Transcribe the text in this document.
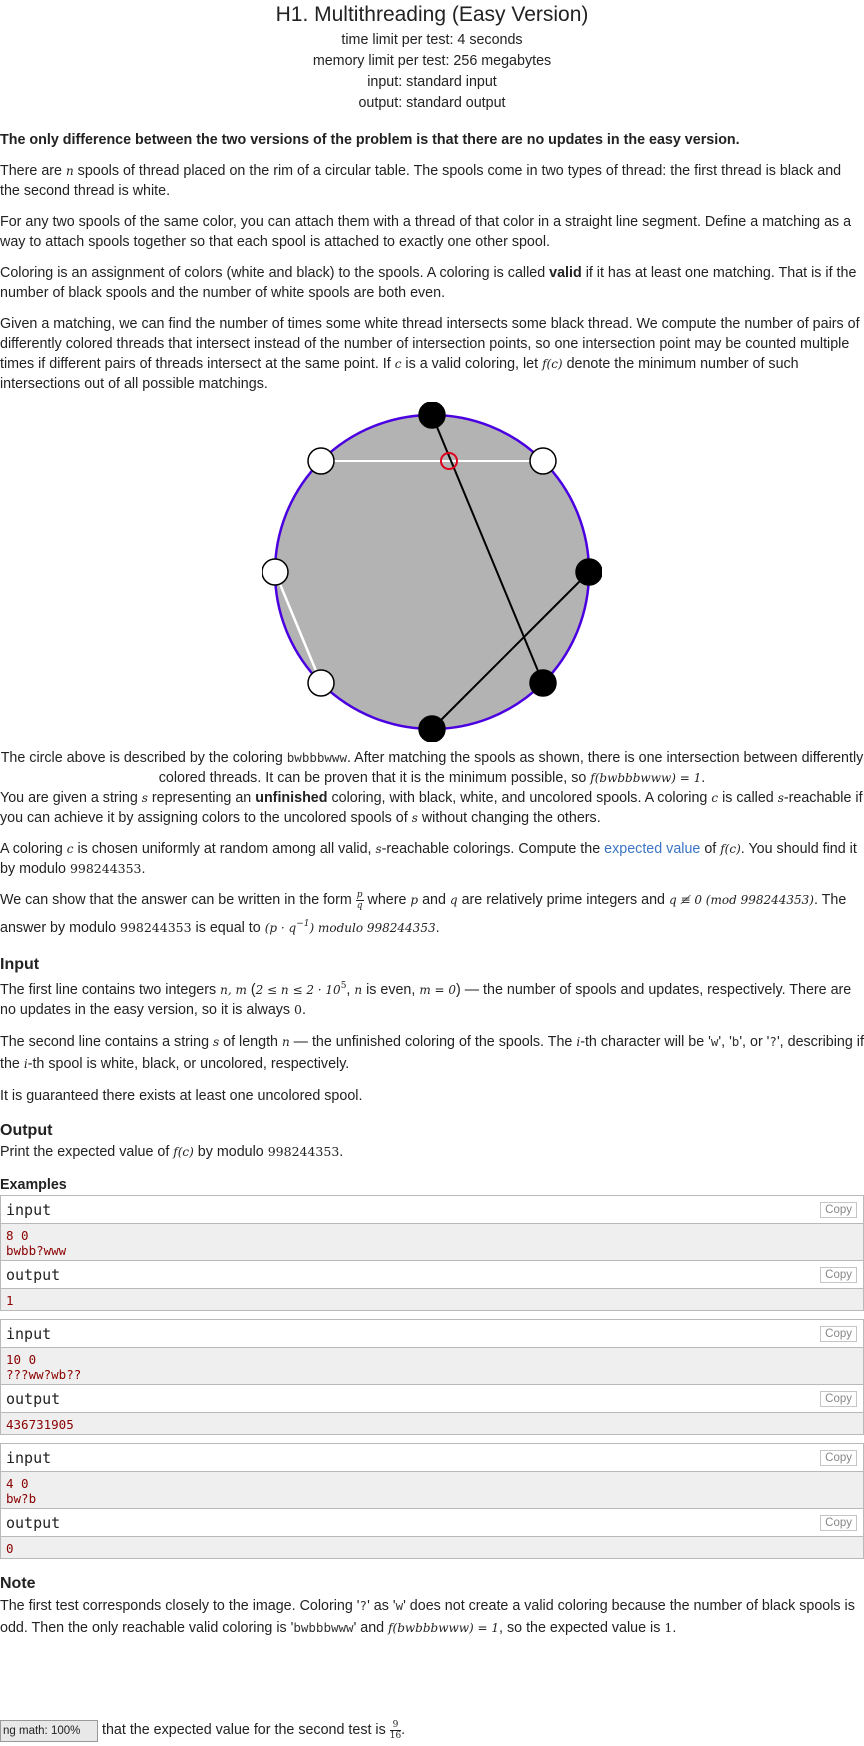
H1. Multithreading (Easy Version)
time limit per test: 4 seconds
memory limit per test: 256 megabytes
input: standard input
output: standard output

The only difference between the two versions of the problem is that there are no updates in the easy version.

There are n spools of thread placed on the rim of a circular table. The spools come in two types of thread: the first thread is black and the second thread is white.

For any two spools of the same color, you can attach them with a thread of that color in a straight line segment. Define a matching as a way to attach spools together so that each spool is attached to exactly one other spool.

Coloring is an assignment of colors (white and black) to the spools. A coloring is called valid if it has at least one matching. That is if the number of black spools and the number of white spools are both even.

Given a matching, we can find the number of times some white thread intersects some black thread. We compute the number of pairs of differently colored threads that intersect instead of the number of intersection points, so one intersection point may be counted multiple times if different pairs of threads intersect at the same point. If c is a valid coloring, let f(c) denote the minimum number of such intersections out of all possible matchings.

The circle above is described by the coloring bwbbbwww. After matching the spools as shown, there is one intersection between differently colored threads. It can be proven that it is the minimum possible, so f(bwbbbwww) = 1.

You are given a string s representing an unfinished coloring, with black, white, and uncolored spools. A coloring c is called s-reachable if you can achieve it by assigning colors to the uncolored spools of s without changing the others.

A coloring c is chosen uniformly at random among all valid, s-reachable colorings. Compute the expected value of f(c). You should find it by modulo 998244353.

We can show that the answer can be written in the form $\frac{p}{q}$ where p and q are relatively prime integers and q ≢ 0 (mod 998244353). The answer by modulo 998244353 is equal to $(p \cdot q^{-1})$ modulo 998244353.

Input

The first line contains two integers n, m ($2 \le n \le 2 \cdot 10^5$, n is even, m = 0) — the number of spools and updates, respectively. There are no updates in the easy version, so it is always 0.

The second line contains a string s of length n — the unfinished coloring of the spools. The i-th character will be 'w', 'b', or '?', describing if the i-th spool is white, black, or uncolored, respectively.

It is guaranteed there exists at least one uncolored spool.

Output

Print the expected value of f(c) by modulo 998244353.

Examples
input	Copy
8 0
bwbb?www
output	Copy
1
input	Copy
10 0
???ww?wb??
output	Copy
436731905
input	Copy
4 0
bw?b
output	Copy
0
Note

The first test corresponds closely to the image. Coloring '?' as 'w' does not create a valid coloring because the number of black spools is odd. Then the only reachable valid coloring is 'bwbbbwww' and f(bwbbbwww) = 1, so the expected value is 1.

ng math: 100%	that the expected value for the second test is $\frac{9}{16}$ .
